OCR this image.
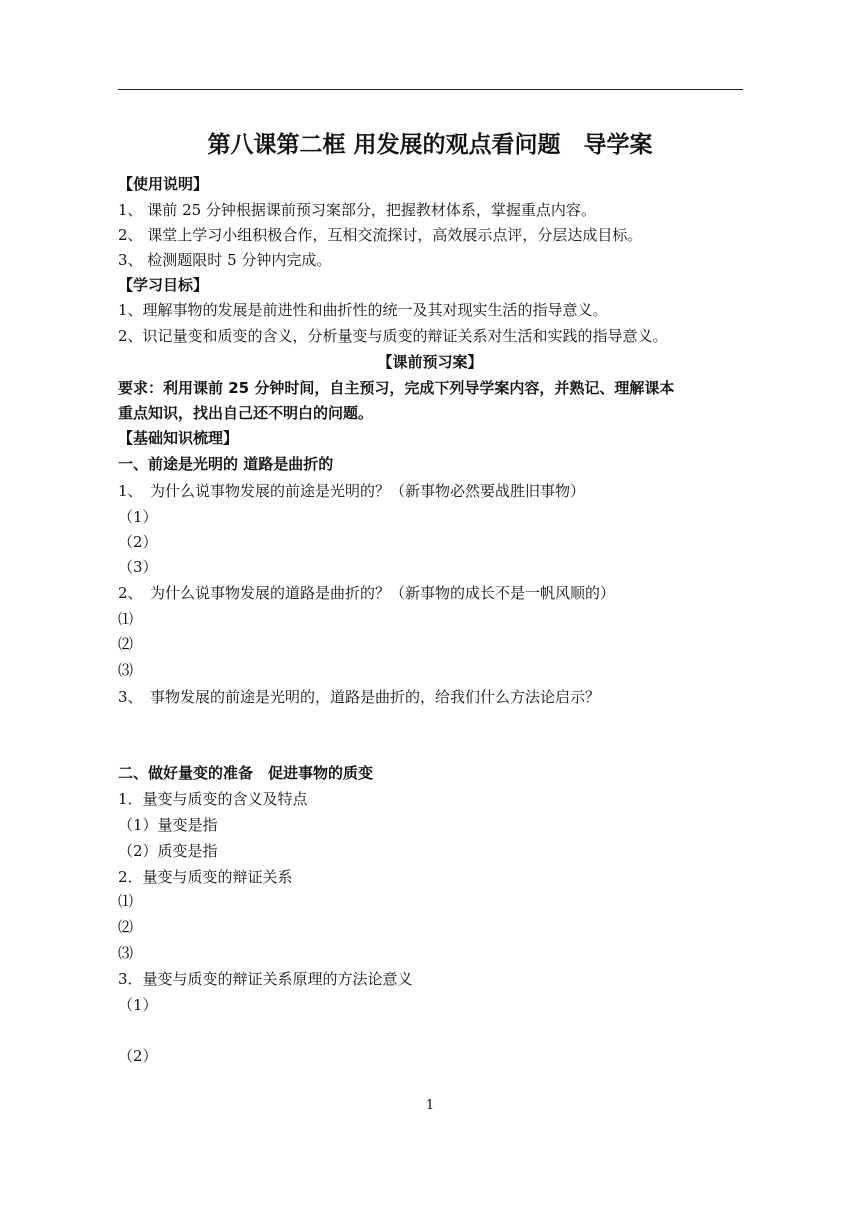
第八课第二框 用发展的观点看问题　导学案
【使用说明】
1、 课前 25 分钟根据课前预习案部分，把握教材体系，掌握重点内容。
2、 课堂上学习小组积极合作，互相交流探讨，高效展示点评，分层达成目标。
3、 检测题限时 5 分钟内完成。
【学习目标】
1、理解事物的发展是前进性和曲折性的统一及其对现实生活的指导意义。
2、识记量变和质变的含义，分析量变与质变的辩证关系对生活和实践的指导意义。
【课前预习案】
要求：利用课前 25 分钟时间，自主预习，完成下列导学案内容，并熟记、理解课本
重点知识，找出自己还不明白的问题。
【基础知识梳理】
一、前途是光明的 道路是曲折的
1、　为什么说事物发展的前途是光明的？（新事物必然要战胜旧事物）
（1）
（2）
（3）
2、　为什么说事物发展的道路是曲折的？（新事物的成长不是一帆风顺的）
⑴
⑵
⑶
3、　事物发展的前途是光明的，道路是曲折的，给我们什么方法论启示？
二、做好量变的准备　促进事物的质变
1．量变与质变的含义及特点
（1）量变是指
（2）质变是指
2．量变与质变的辩证关系
⑴
⑵
⑶
3．量变与质变的辩证关系原理的方法论意义
（1）
（2）
1
